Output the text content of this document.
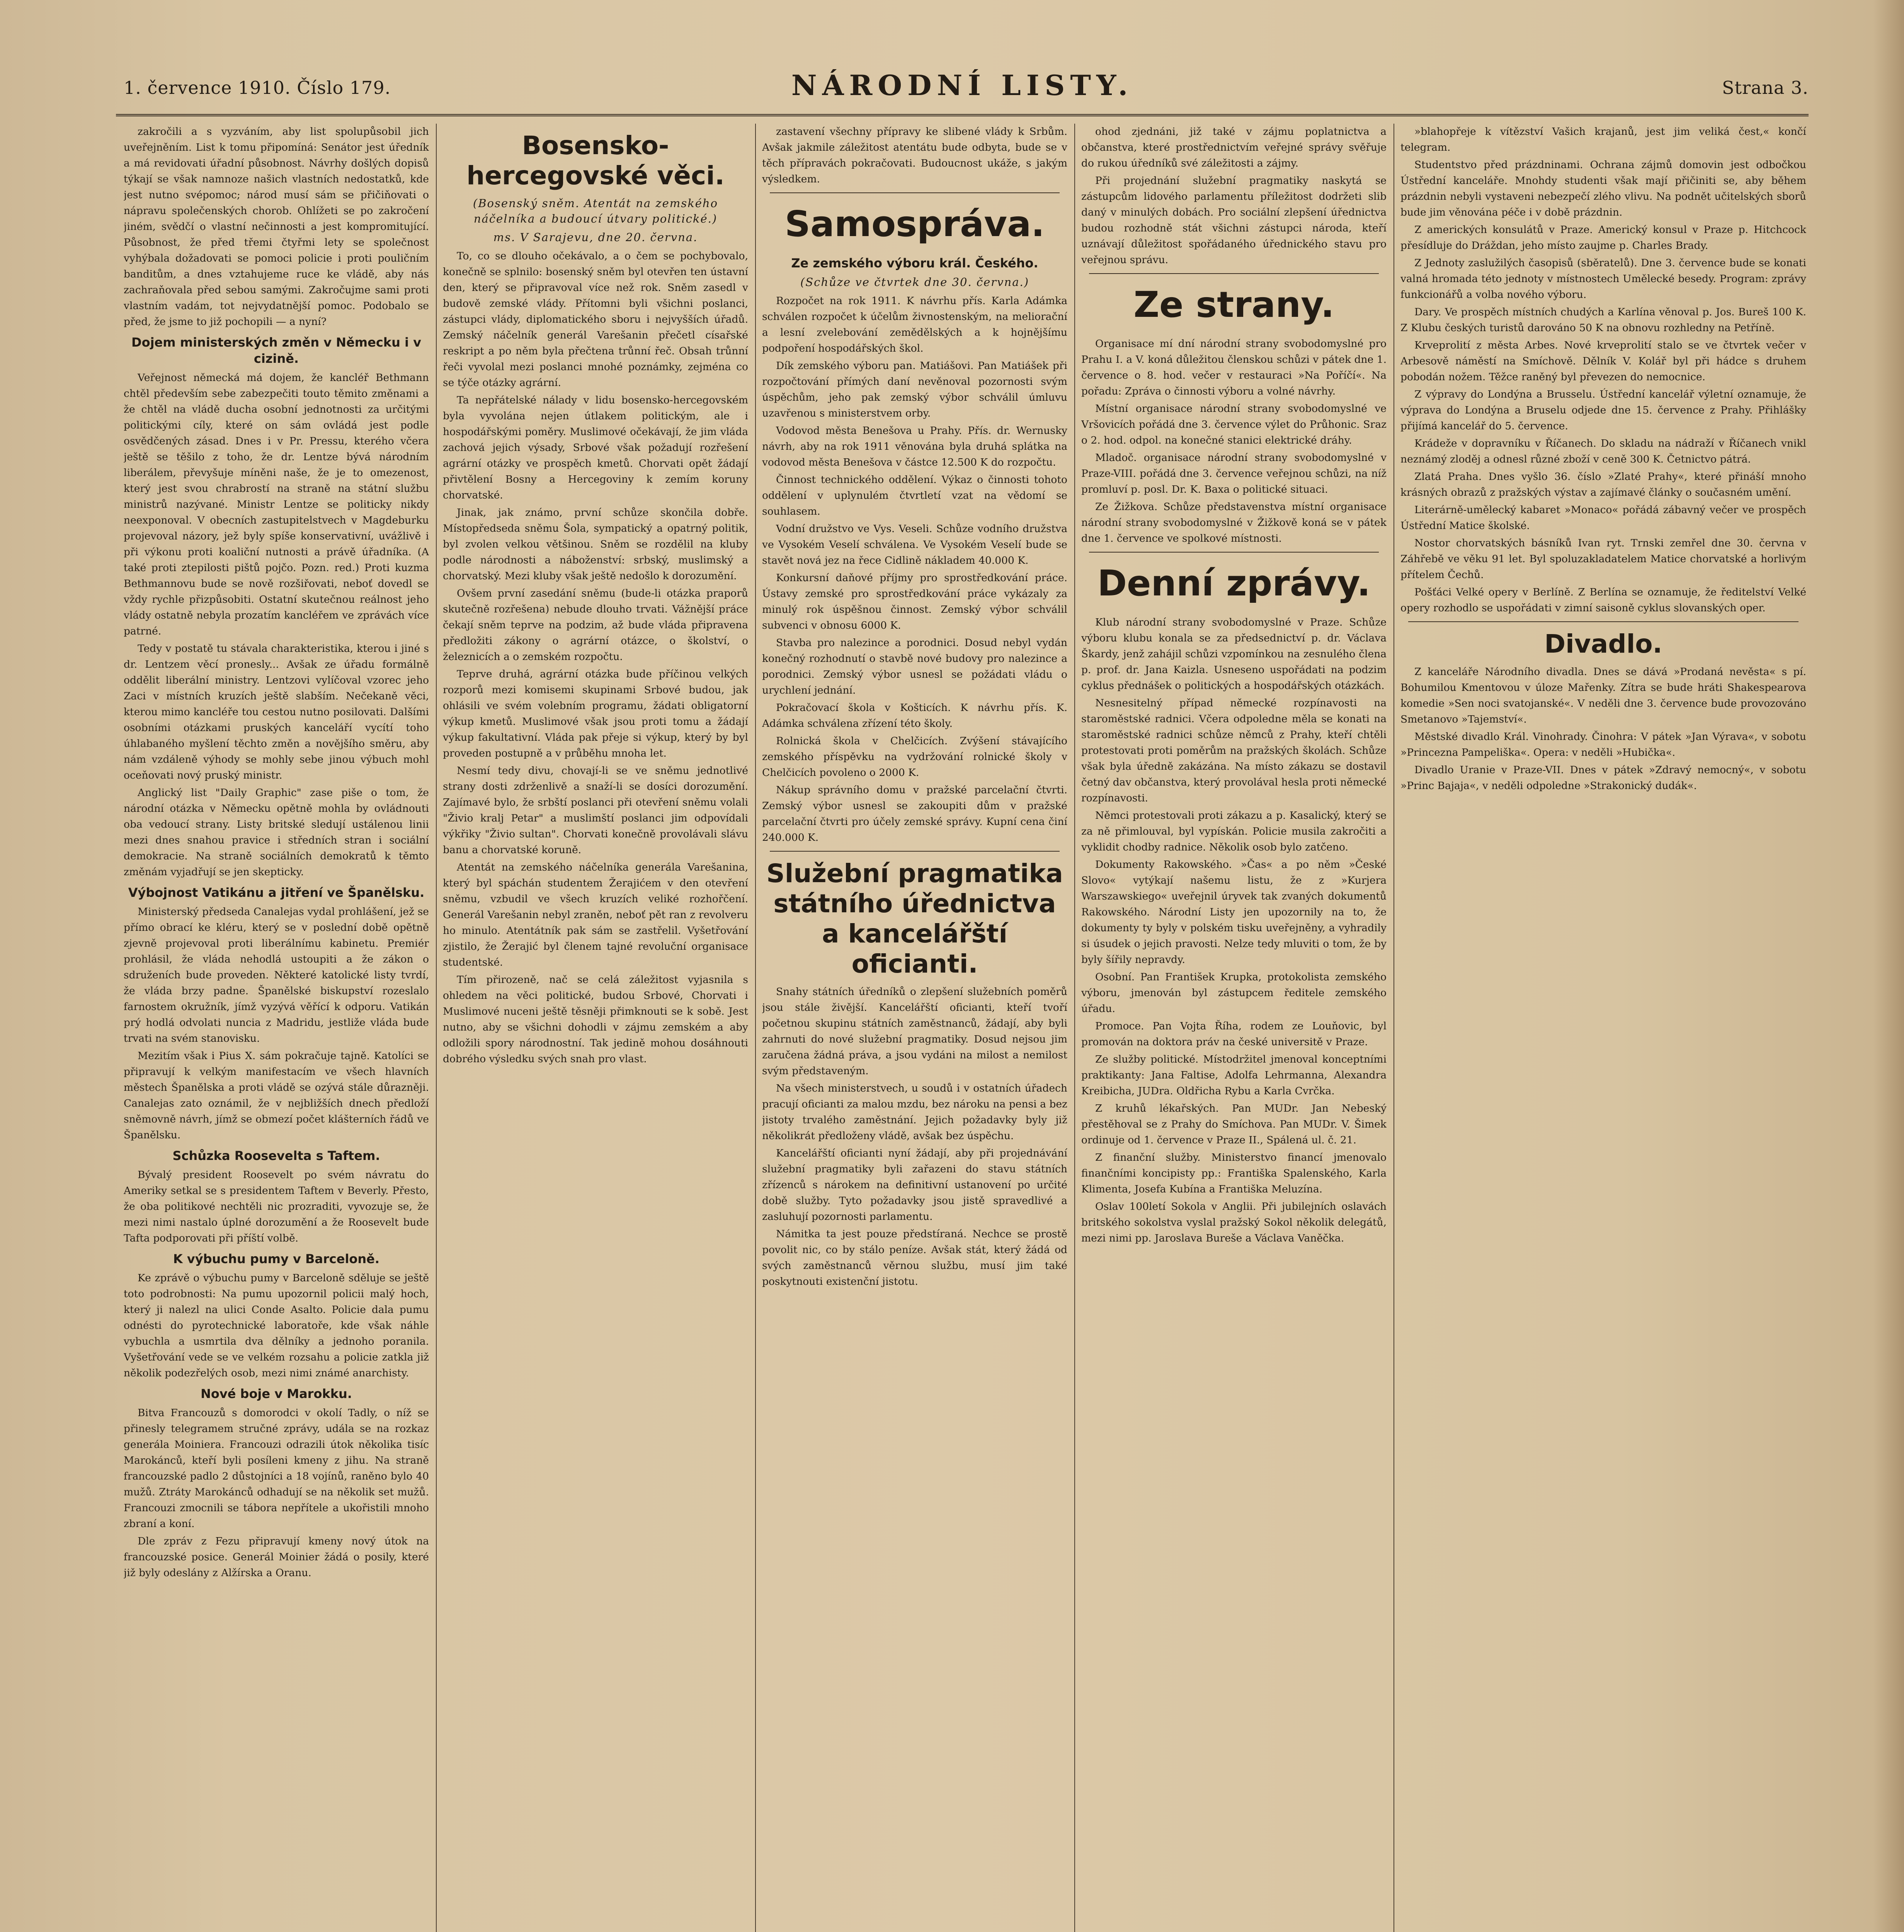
1. července 1910. Číslo 179.	NÁRODNÍ LISTY.	Strana 3.

zakročili a s vyzváním, aby list spolupůsobil jich uveřejněním. List k tomu připomíná: Senátor jest úředník a má revidovati úřadní působnost. Návrhy došlých dopisů týkají se však namnoze našich vlastních nedostatků, kde jest nutno svépomoc; národ musí sám se přičiňovati o nápravu společenských chorob. Ohlížeti se po zakročení jiném, svědčí o vlastní nečinnosti a jest kompromitující. Působnost, že před třemi čtyřmi lety se společnost vyhýbala dožadovati se pomoci policie i proti pouličním banditům, a dnes vztahujeme ruce ke vládě, aby nás zachraňovala před sebou samými. Zakročujme sami proti vlastním vadám, tot nejvydatnější pomoc. Podobalo se před, že jsme to již pochopili — a nyní?

Dojem ministerských změn v Německu i v cizině.

Veřejnost německá má dojem, že kancléř Bethmann chtěl především sebe zabezpečiti touto těmito změnami a že chtěl na vládě ducha osobní jednotnosti za určitými politickými cíly, které on sám ovládá jest podle osvědčených zásad. Dnes i v Pr. Pressu, kterého včera ještě se těšilo z toho, že dr. Lentze bývá národním liberálem, převyšuje míněni naše, že je to omezenost, který jest svou chrabrostí na straně na státní službu ministrů nazývané. Ministr Lentze se politicky nikdy neexponoval. V obecních zastupitelstvech v Magdeburku projevoval názory, jež byly spíše konservativní, uvážlivě i při výkonu proti koaliční nutnosti a právě úřadníka. (A také proti ztepilosti pištů pojčo. Pozn. red.) Proti kuzma Bethmannovu bude se nově rozšiřovati, neboť dovedl se vždy rychle přizpůsobiti. Ostatní skutečnou reálnost jeho vlády ostatně nebyla prozatím kancléřem ve zprávách více patrné.

Tedy v postatě tu stávala charakteristika, kterou i jiné s dr. Lentzem věcí pronesly... Avšak ze úřadu formálně oddělit liberální ministry. Lentzovi vylíčoval vzorec jeho Zaci v místních kruzích ještě slabším. Nečekaně věci, kterou mimo kancléře tou cestou nutno posilovati. Dalšími osobními otázkami pruských kanceláří vycítí toho úhlabaného myšlení těchto změn a novějšího směru, aby nám vzdáleně výhody se mohly sebe jinou výbuch mohl oceňovati nový pruský ministr.

Anglický list "Daily Graphic" zase piše o tom, že národní otázka v Německu opětně mohla by ovládnouti oba vedoucí strany. Listy britské sledují ustálenou linii mezi dnes snahou pravice i středních stran i sociální demokracie. Na straně sociálních demokratů k těmto změnám vyjadřují se jen skepticky.

Výbojnost Vatikánu a jitření ve Španělsku.

Ministerský předseda Canalejas vydal prohlášení, jež se přímo obrací ke kléru, který se v poslední době opětně zjevně projevoval proti liberálnímu kabinetu. Premiér prohlásil, že vláda nehodlá ustoupiti a že zákon o sdruženích bude proveden. Některé katolické listy tvrdí, že vláda brzy padne. Španělské biskupství rozeslalo farnostem okružník, jímž vyzývá věřící k odporu. Vatikán prý hodlá odvolati nuncia z Madridu, jestliže vláda bude trvati na svém stanovisku.

Mezitím však i Pius X. sám pokračuje tajně. Katolíci se připravují k velkým manifestacím ve všech hlavních městech Španělska a proti vládě se ozývá stále důrazněji. Canalejas zato oznámil, že v nejbližších dnech předloží sněmovně návrh, jímž se obmezí počet klášterních řádů ve Španělsku.

Schůzka Roosevelta s Taftem.

Bývalý president Roosevelt po svém návratu do Ameriky setkal se s presidentem Taftem v Beverly. Přesto, že oba politikové nechtěli nic prozraditi, vyvozuje se, že mezi nimi nastalo úplné dorozumění a že Roosevelt bude Tafta podporovati při příští volbě.

K výbuchu pumy v Barceloně.

Ke zprávě o výbuchu pumy v Barceloně sděluje se ještě toto podrobnosti: Na pumu upozornil policii malý hoch, který ji nalezl na ulici Conde Asalto. Policie dala pumu odnésti do pyrotechnické laboratoře, kde však náhle vybuchla a usmrtila dva dělníky a jednoho poranila. Vyšetřování vede se ve velkém rozsahu a policie zatkla již několik podezřelých osob, mezi nimi známé anarchisty.

Nové boje v Marokku.

Bitva Francouzů s domorodci v okolí Tadly, o níž se přinesly telegramem stručné zprávy, udála se na rozkaz generála Moiniera. Francouzi odrazili útok několika tisíc Marokánců, kteří byli posíleni kmeny z jihu. Na straně francouzské padlo 2 důstojníci a 18 vojínů, raněno bylo 40 mužů. Ztráty Marokánců odhadují se na několik set mužů. Francouzi zmocnili se tábora nepřítele a ukořistili mnoho zbraní a koní.

Dle zpráv z Fezu připravují kmeny nový útok na francouzské posice. Generál Moinier žádá o posily, které již byly odeslány z Alžírska a Oranu.

Bosensko-hercegovské věci.
(Bosenský sněm. Atentát na zemského náčelníka a budoucí útvary politické.)
ms. V Sarajevu, dne 20. června.

To, co se dlouho očekávalo, a o čem se pochybovalo, konečně se splnilo: bosenský sněm byl otevřen ten ústavní den, který se připravoval více než rok. Sněm zasedl v budově zemské vlády. Přítomni byli všichni poslanci, zástupci vlády, diplomatického sboru i nejvyšších úřadů. Zemský náčelník generál Varešanin přečetl císařské reskript a po něm byla přečtena trůnní řeč. Obsah trůnní řeči vyvolal mezi poslanci mnohé poznámky, zejména co se týče otázky agrární.

Ta nepřátelské nálady v lidu bosensko-hercegovském byla vyvolána nejen útlakem politickým, ale i hospodářskými poměry. Muslimové očekávají, že jim vláda zachová jejich výsady, Srbové však požadují rozřešení agrární otázky ve prospěch kmetů. Chorvati opět žádají přivtělení Bosny a Hercegoviny k zemím koruny chorvatské.

Jinak, jak známo, první schůze skončila dobře. Místopředseda sněmu Šola, sympatický a opatrný politik, byl zvolen velkou většinou. Sněm se rozdělil na kluby podle národnosti a náboženství: srbský, muslimský a chorvatský. Mezi kluby však ještě nedošlo k dorozumění.

Ovšem první zasedání sněmu (bude-li otázka praporů skutečně rozřešena) nebude dlouho trvati. Vážnější práce čekají sněm teprve na podzim, až bude vláda připravena předložiti zákony o agrární otázce, o školství, o železnicích a o zemském rozpočtu.

Teprve druhá, agrární otázka bude příčinou velkých rozporů mezi komisemi skupinami Srbové budou, jak ohlásili ve svém volebním programu, žádati obligatorní výkup kmetů. Muslimové však jsou proti tomu a žádají výkup fakultativní. Vláda pak přeje si výkup, který by byl proveden postupně a v průběhu mnoha let.

Nesmí tedy divu, chovají-li se ve sněmu jednotlivé strany dosti zdrženlivě a snaží-li se dosíci dorozumění. Zajímavé bylo, že srbští poslanci při otevření sněmu volali "Živio kralj Petar" a muslimští poslanci jim odpovídali výkřiky "Živio sultan". Chorvati konečně provolávali slávu banu a chorvatské koruně.

Atentát na zemského náčelníka generála Varešanina, který byl spáchán studentem Žerajićem v den otevření sněmu, vzbudil ve všech kruzích veliké rozhořčení. Generál Varešanin nebyl zraněn, neboť pět ran z revolveru ho minulo. Atentátník pak sám se zastřelil. Vyšetřování zjistilo, že Žerajić byl členem tajné revoluční organisace studentské.

Tím přirozeně, nač se celá záležitost vyjasnila s ohledem na věci politické, budou Srbové, Chorvati i Muslimové nuceni ještě těsněji přimknouti se k sobě. Jest nutno, aby se všichni dohodli v zájmu zemském a aby odložili spory národnostní. Tak jedině mohou dosáhnouti dobrého výsledku svých snah pro vlast.

zastavení všechny přípravy ke slibené vlády k Srbům. Avšak jakmile záležitost atentátu bude odbyta, bude se v těch přípravách pokračovati. Budoucnost ukáže, s jakým výsledkem.

Samospráva.
Ze zemského výboru král. Českého.
(Schůze ve čtvrtek dne 30. června.)

Rozpočet na rok 1911. K návrhu přís. Karla Adámka schválen rozpočet k účelům živnostenským, na meliorační a lesní zvelebování zemědělských a k hojnějšímu podpoření hospodářských škol.

Dík zemského výboru pan. Matiášovi. Pan Matiášek při rozpočtování přímých daní nevěnoval pozornosti svým úspěchům, jeho pak zemský výbor schválil úmluvu uzavřenou s ministerstvem orby.

Vodovod města Benešova u Prahy. Přís. dr. Wernusky návrh, aby na rok 1911 věnována byla druhá splátka na vodovod města Benešova v částce 12.500 K do rozpočtu.

Činnost technického oddělení. Výkaz o činnosti tohoto oddělení v uplynulém čtvrtletí vzat na vědomí se souhlasem.

Vodní družstvo ve Vys. Veseli. Schůze vodního družstva ve Vysokém Veselí schválena. Ve Vysokém Veselí bude se stavět nová jez na řece Cidlině nákladem 40.000 K.

Konkursní daňové příjmy pro sprostředkování práce. Ústavy zemské pro sprostředkování práce vykázaly za minulý rok úspěšnou činnost. Zemský výbor schválil subvenci v obnosu 6000 K.

Stavba pro nalezince a porodnici. Dosud nebyl vydán konečný rozhodnutí o stavbě nové budovy pro nalezince a porodnici. Zemský výbor usnesl se požádati vládu o urychlení jednání.

Pokračovací škola v Košticích. K návrhu přís. K. Adámka schválena zřízení této školy.

Rolnická škola v Chelčicích. Zvýšení stávajícího zemského příspěvku na vydržování rolnické školy v Chelčicích povoleno o 2000 K.

Nákup správního domu v pražské parcelační čtvrti. Zemský výbor usnesl se zakoupiti dům v pražské parcelační čtvrti pro účely zemské správy. Kupní cena činí 240.000 K.

Služební pragmatika státního úřednictva a kancelářští oficianti.

Snahy státních úředníků o zlepšení služebních poměrů jsou stále živější. Kancelářští oficianti, kteří tvoří početnou skupinu státních zaměstnanců, žádají, aby byli zahrnuti do nové služební pragmatiky. Dosud nejsou jim zaručena žádná práva, a jsou vydáni na milost a nemilost svým představeným.

Na všech ministerstvech, u soudů i v ostatních úřadech pracují oficianti za malou mzdu, bez nároku na pensi a bez jistoty trvalého zaměstnání. Jejich požadavky byly již několikrát předloženy vládě, avšak bez úspěchu.

Kancelářští oficianti nyní žádají, aby při projednávání služební pragmatiky byli zařazeni do stavu státních zřízenců s nárokem na definitivní ustanovení po určité době služby. Tyto požadavky jsou jistě spravedlivé a zasluhují pozornosti parlamentu.

Námitka ta jest pouze předstíraná. Nechce se prostě povolit nic, co by stálo peníze. Avšak stát, který žádá od svých zaměstnanců věrnou službu, musí jim také poskytnouti existenční jistotu.

ohod zjednáni, již také v zájmu poplatnictva a občanstva, které prostřednictvím veřejné správy svěřuje do rukou úředníků své záležitosti a zájmy.

Při projednání služební pragmatiky naskytá se zástupcům lidového parlamentu příležitost dodržeti slib daný v minulých dobách. Pro sociální zlepšení úřednictva budou rozhodně stát všichni zástupci národa, kteří uznávají důležitost spořádaného úřednického stavu pro veřejnou správu.

Ze strany.

Organisace mí dní národní strany svobodomyslné pro Prahu I. a V. koná důležitou členskou schůzi v pátek dne 1. července o 8. hod. večer v restauraci »Na Poříčí«. Na pořadu: Zpráva o činnosti výboru a volné návrhy.

Místní organisace národní strany svobodomyslné ve Vršovicích pořádá dne 3. července výlet do Průhonic. Sraz o 2. hod. odpol. na konečné stanici elektrické dráhy.

Mladoč. organisace národní strany svobodomyslné v Praze-VIII. pořádá dne 3. července veřejnou schůzi, na níž promluví p. posl. Dr. K. Baxa o politické situaci.

Ze Žižkova. Schůze představenstva místní organisace národní strany svobodomyslné v Žižkově koná se v pátek dne 1. července ve spolkové místnosti.

Denní zprávy.

Klub národní strany svobodomyslné v Praze. Schůze výboru klubu konala se za předsednictví p. dr. Václava Škardy, jenž zahájil schůzi vzpomínkou na zesnulého člena p. prof. dr. Jana Kaizla. Usneseno uspořádati na podzim cyklus přednášek o politických a hospodářských otázkách.

Nesnesitelný případ německé rozpínavosti na staroměstské radnici. Včera odpoledne měla se konati na staroměstské radnici schůze němců z Prahy, kteří chtěli protestovati proti poměrům na pražských školách. Schůze však byla úředně zakázána. Na místo zákazu se dostavil četný dav občanstva, který provolával hesla proti německé rozpínavosti.

Němci protestovali proti zákazu a p. Kasalický, který se za ně přimlouval, byl vypískán. Policie musila zakročiti a vyklidit chodby radnice. Několik osob bylo zatčeno.

Dokumenty Rakowského. »Čas« a po něm »České Slovo« vytýkají našemu listu, že z »Kurjera Warszawskiego« uveřejnil úryvek tak zvaných dokumentů Rakowského. Národní Listy jen upozornily na to, že dokumenty ty byly v polském tisku uveřejněny, a vyhradily si úsudek o jejich pravosti. Nelze tedy mluviti o tom, že by byly šířily nepravdy.

Osobní. Pan František Krupka, protokolista zemského výboru, jmenován byl zástupcem ředitele zemského úřadu.

Promoce. Pan Vojta Říha, rodem ze Louňovic, byl promován na doktora práv na české universitě v Praze.

Ze služby politické. Místodržitel jmenoval konceptními praktikanty: Jana Faltise, Adolfa Lehrmanna, Alexandra Kreibicha, JUDra. Oldřicha Rybu a Karla Cvrčka.

Z kruhů lékařských. Pan MUDr. Jan Nebeský přestěhoval se z Prahy do Smíchova. Pan MUDr. V. Šimek ordinuje od 1. července v Praze II., Spálená ul. č. 21.

Z finanční služby. Ministerstvo financí jmenovalo finančními koncipisty pp.: Františka Spalenského, Karla Klimenta, Josefa Kubína a Františka Meluzína.

Oslav 100letí Sokola v Anglii. Při jubilejních oslavách britského sokolstva vyslal pražský Sokol několik delegátů, mezi nimi pp. Jaroslava Bureše a Václava Vaněčka.

»blahopřeje k vítězství Vašich krajanů, jest jim veliká čest,« končí telegram.

Studentstvo před prázdninami. Ochrana zájmů domovin jest odbočkou Ústřední kanceláře. Mnohdy studenti však mají přičiniti se, aby během prázdnin nebyli vystaveni nebezpečí zlého vlivu. Na podnět učitelských sborů bude jim věnována péče i v době prázdnin.

Z amerických konsulátů v Praze. Americký konsul v Praze p. Hitchcock přesídluje do Dráždan, jeho místo zaujme p. Charles Brady.

Z Jednoty zaslužilých časopisů (sběratelů). Dne 3. července bude se konati valná hromada této jednoty v místnostech Umělecké besedy. Program: zprávy funkcionářů a volba nového výboru.

Dary. Ve prospěch místních chudých a Karlína věnoval p. Jos. Bureš 100 K. Z Klubu českých turistů darováno 50 K na obnovu rozhledny na Petříně.

Krveprolití z města Arbes. Nové krveprolití stalo se ve čtvrtek večer v Arbesově náměstí na Smíchově. Dělník V. Kolář byl při hádce s druhem pobodán nožem. Těžce raněný byl převezen do nemocnice.

Z výpravy do Londýna a Brusselu. Ústřední kancelář výletní oznamuje, že výprava do Londýna a Bruselu odjede dne 15. července z Prahy. Přihlášky přijímá kancelář do 5. července.

Krádeže v dopravníku v Říčanech. Do skladu na nádraží v Říčanech vnikl neznámý zloděj a odnesl různé zboží v ceně 300 K. Četnictvo pátrá.

Zlatá Praha. Dnes vyšlo 36. číslo »Zlaté Prahy«, které přináší mnoho krásných obrazů z pražských výstav a zajímavé články o současném umění.

Literárně-umělecký kabaret »Monaco« pořádá zábavný večer ve prospěch Ústřední Matice školské.

Nostor chorvatských básníků Ivan ryt. Trnski zemřel dne 30. června v Záhřebě ve věku 91 let. Byl spoluzakladatelem Matice chorvatské a horlivým přítelem Čechů.

Pošťáci Velké opery v Berlíně. Z Berlína se oznamuje, že ředitelství Velké opery rozhodlo se uspořádati v zimní saisoně cyklus slovanských oper.

Divadlo.

Z kanceláře Národního divadla. Dnes se dává »Prodaná nevěsta« s pí. Bohumilou Kmentovou v úloze Mařenky. Zítra se bude hráti Shakespearova komedie »Sen noci svatojanské«. V neděli dne 3. července bude provozováno Smetanovo »Tajemství«.

Městské divadlo Král. Vinohrady. Činohra: V pátek »Jan Výrava«, v sobotu »Princezna Pampeliška«. Opera: v neděli »Hubička«.

Divadlo Uranie v Praze-VII. Dnes v pátek »Zdravý nemocný«, v sobotu »Princ Bajaja«, v neděli odpoledne »Strakonický dudák«.
